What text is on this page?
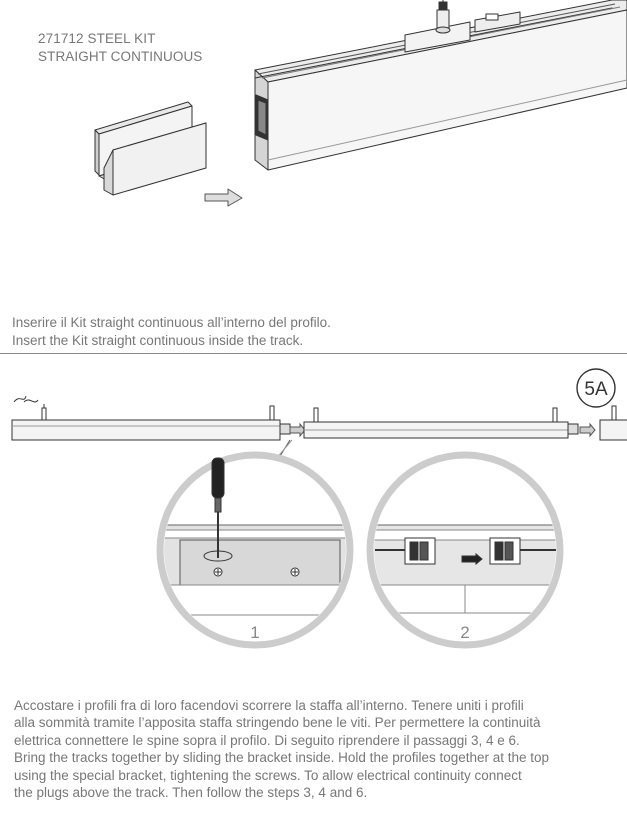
271712 STEEL KIT
STRAIGHT CONTINUOUS
Inserire il Kit straight continuous all’interno del profilo.
Insert the Kit straight continuous inside the track.
5A
1	2
Accostare i profili fra di loro facendovi scorrere la staffa all’interno. Tenere uniti i profili
alla sommità tramite l’apposita staffa stringendo bene le viti. Per permettere la continuità
elettrica connettere le spine sopra il profilo. Di seguito riprendere il passaggi 3, 4 e 6.
Bring the tracks together by sliding the bracket inside. Hold the profiles together at the top
using the special bracket, tightening the screws. To allow electrical continuity connect
the plugs above the track. Then follow the steps 3, 4 and 6.
